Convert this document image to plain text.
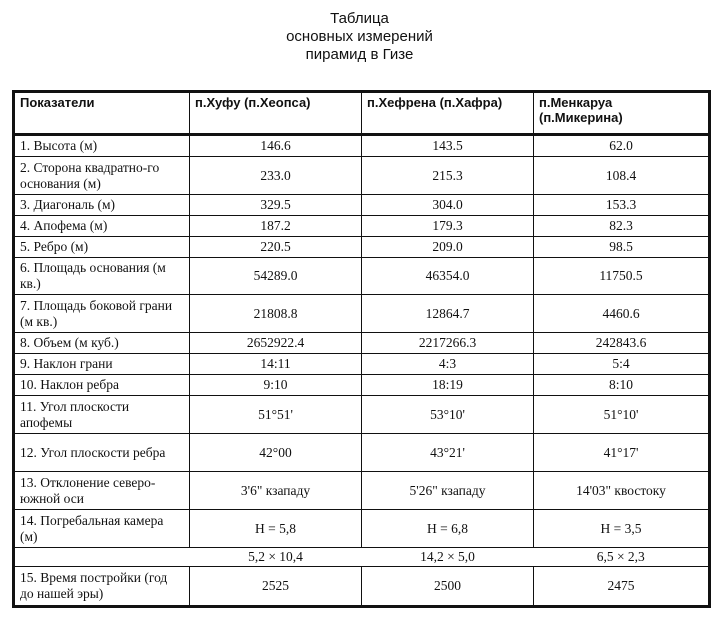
Таблица
основных измерений
пирамид в Гизе
Показатели	п.Хуфу (п.Хеопса)	п.Хефрена (п.Хафра)	п.Менкаруа
(п.Микерина)

1. Высота (м)	146.6	143.5	62.0
2. Сторона квадратно-го основания (м)	233.0	215.3	108.4
3. Диагональ (м)	329.5	304.0	153.3
4. Апофема (м)	187.2	179.3	82.3
5. Ребро (м)	220.5	209.0	98.5
6. Площадь основания (м кв.)	54289.0	46354.0	11750.5
7. Площадь боковой грани (м кв.)	21808.8	12864.7	4460.6
8. Объем (м куб.)	2652922.4	2217266.3	242843.6
9. Наклон грани	14:11	4:3	5:4
10. Наклон ребра	9:10	18:19	8:10
11. Угол плоскости апофемы	51°51'	53°10'	51°10'
12. Угол плоскости ребра	42°00	43°21'	41°17'
13. Отклонение северо-южной оси	3'6" кзападу	5'26" кзападу	14'03" квостоку
14. Погребальная камера (м)	H = 5,8	H = 6,8	H = 3,5
	5,2 × 10,4	14,2 × 5,0	6,5 × 2,3
15. Время постройки (год до нашей эры)	2525	2500	2475
